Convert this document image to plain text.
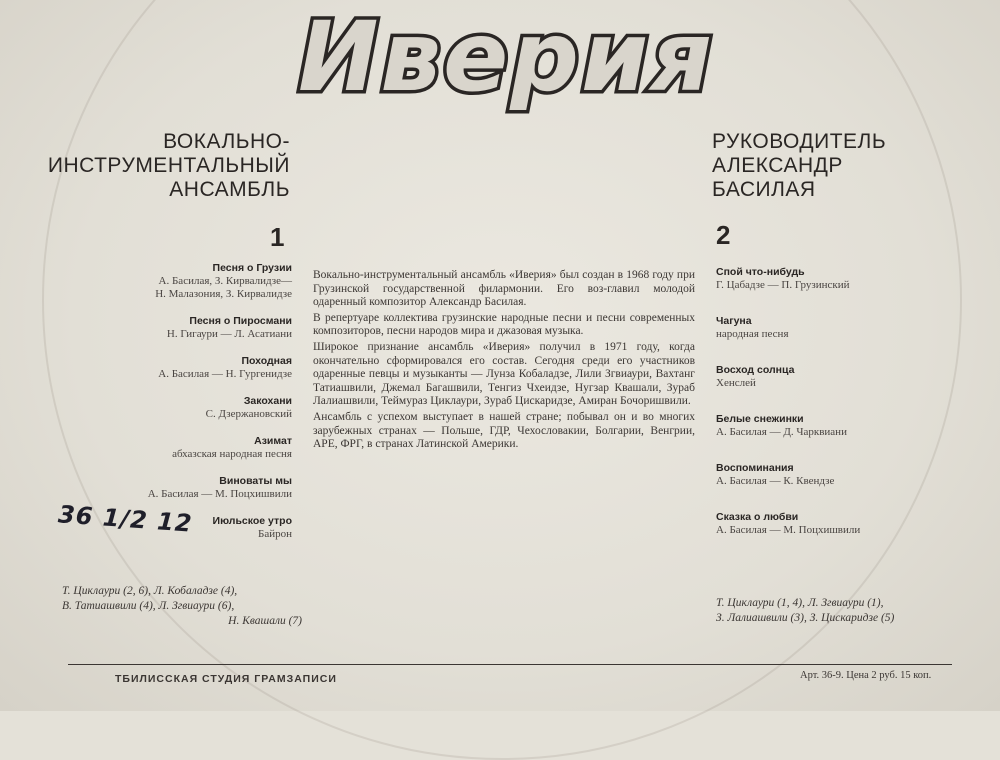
Иверия
ВОКАЛЬНО-
ИНСТРУМЕНТАЛЬНЫЙ
АНСАМБЛЬ
РУКОВОДИТЕЛЬ
АЛЕКСАНДР
БАСИЛАЯ
1	2
Песня о Грузии
А. Басилая, З. Кирвалидзе—
Н. Малазония, З. Кирвалидзе
Песня о Пиросмани
Н. Гигаури — Л. Асатиани
Походная
А. Басилая — Н. Гургенидзе
Закохани
С. Дзержановский
Азимат
абхазская народная песня
Виноваты мы
А. Басилая — М. Поцхишвили
Июльское утро
Байрон

Вокально-инструментальный ансамбль «Иверия» был создан в 1968 году при Грузинской государственной филармонии. Его воз-главил молодой одаренный композитор Александр Басилая.

В репертуаре коллектива грузинские народные песни и песни современных композиторов, песни народов мира и джазовая музыка.

Широкое признание ансамбль «Иверия» получил в 1971 году, когда окончательно сформировался его состав. Сегодня среди его участников одаренные певцы и музыканты — Лунза Кобаладзе, Лили Згвиаури, Вахтанг Татиашвили, Джемал Багашвили, Тенгиз Чхеидзе, Нугзар Квашали, Зураб Лалиашвили, Теймураз Циклаури, Зураб Цискаридзе, Амиран Бочоришвили.

Ансамбль с успехом выступает в нашей стране; побывал он и во многих зарубежных странах — Польше, ГДР, Чехословакии, Болгарии, Венгрии, АРЕ, ФРГ, в странах Латинской Америки.

Спой что-нибудь
Г. Цабадзе — П. Грузинский
Чагуна
народная песня
Восход солнца
Хенслей
Белые снежинки
А. Басилая — Д. Чарквиани
Воспоминания
А. Басилая — К. Квендзе
Сказка о любви
А. Басилая — М. Поцхишвили
36 1/2 12
Т. Циклаури (2, 6), Л. Кобаладзе (4),
В. Татиашвили (4), Л. Згвиаури (6),
Н. Квашали (7)
Т. Циклаури (1, 4), Л. Згвиаури (1),
З. Лалиашвили (3), З. Цискаридзе (5)
ТБИЛИССКАЯ СТУДИЯ ГРАМЗАПИСИ	Арт. 36-9. Цена 2 руб. 15 коп.
